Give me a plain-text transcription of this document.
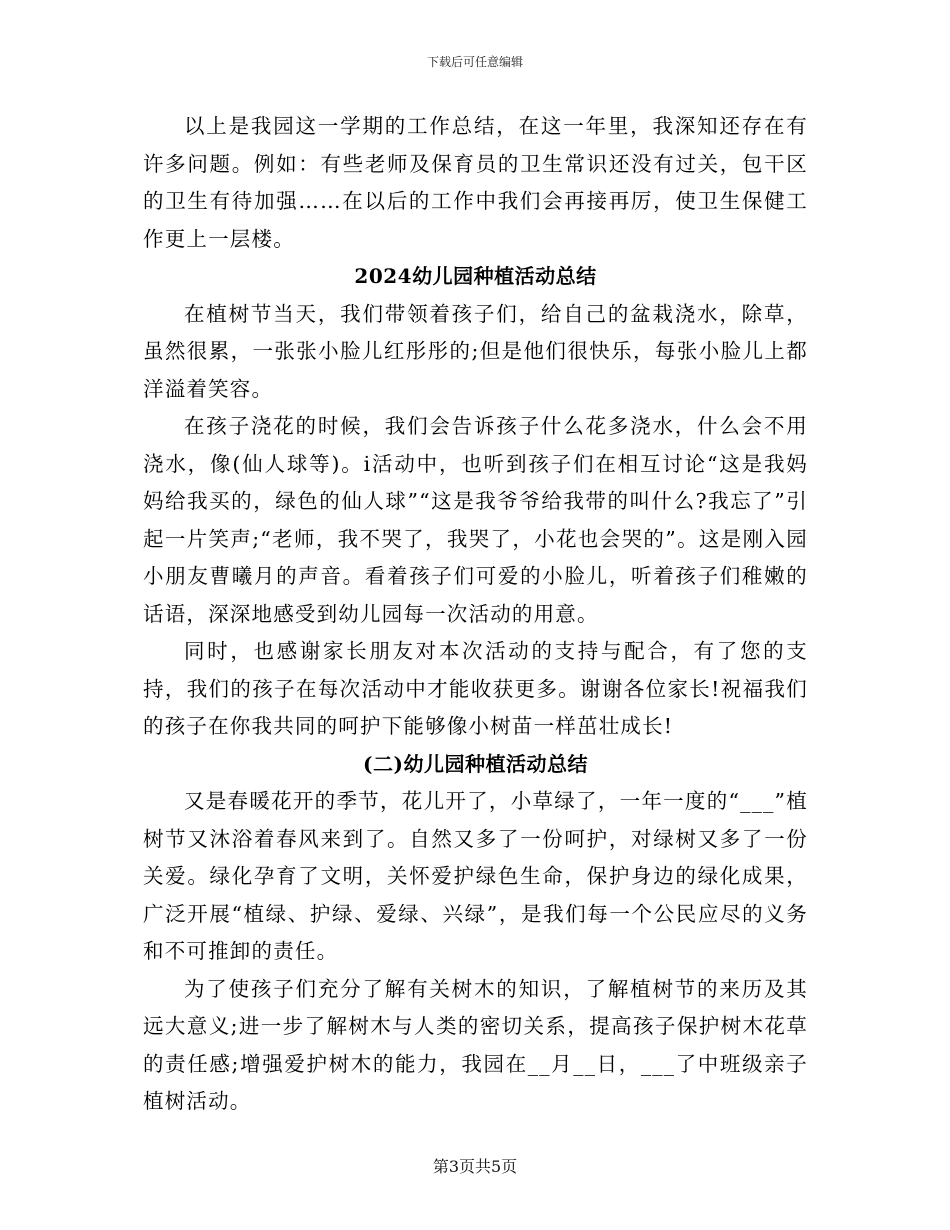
下载后可任意编辑

以上是我园这一学期的工作总结，在这一年里，我深知还存在有许多问题。例如：有些老师及保育员的卫生常识还没有过关，包干区的卫生有待加强……在以后的工作中我们会再接再厉，使卫生保健工作更上一层楼。

2024幼儿园种植活动总结

在植树节当天，我们带领着孩子们，给自己的盆栽浇水，除草，虽然很累，一张张小脸儿红彤彤的;但是他们很快乐，每张小脸儿上都洋溢着笑容。

在孩子浇花的时候，我们会告诉孩子什么花多浇水，什么会不用浇水，像(仙人球等)。i活动中，也听到孩子们在相互讨论“这是我妈妈给我买的，绿色的仙人球”“这是我爷爷给我带的叫什么?我忘了”引起一片笑声;“老师，我不哭了，我哭了，小花也会哭的”。这是刚入园小朋友曹曦月的声音。看着孩子们可爱的小脸儿，听着孩子们稚嫩的话语，深深地感受到幼儿园每一次活动的用意。

同时，也感谢家长朋友对本次活动的支持与配合，有了您的支持，我们的孩子在每次活动中才能收获更多。谢谢各位家长!祝福我们的孩子在你我共同的呵护下能够像小树苗一样茁壮成长!

(二)幼儿园种植活动总结

又是春暖花开的季节，花儿开了，小草绿了，一年一度的“___”植树节又沐浴着春风来到了。自然又多了一份呵护，对绿树又多了一份关爱。绿化孕育了文明，关怀爱护绿色生命，保护身边的绿化成果，广泛开展“植绿、护绿、爱绿、兴绿”，是我们每一个公民应尽的义务和不可推卸的责任。

为了使孩子们充分了解有关树木的知识，了解植树节的来历及其远大意义;进一步了解树木与人类的密切关系，提高孩子保护树木花草的责任感;增强爱护树木的能力，我园在__月__日，___了中班级亲子植树活动。

第3页共5页
